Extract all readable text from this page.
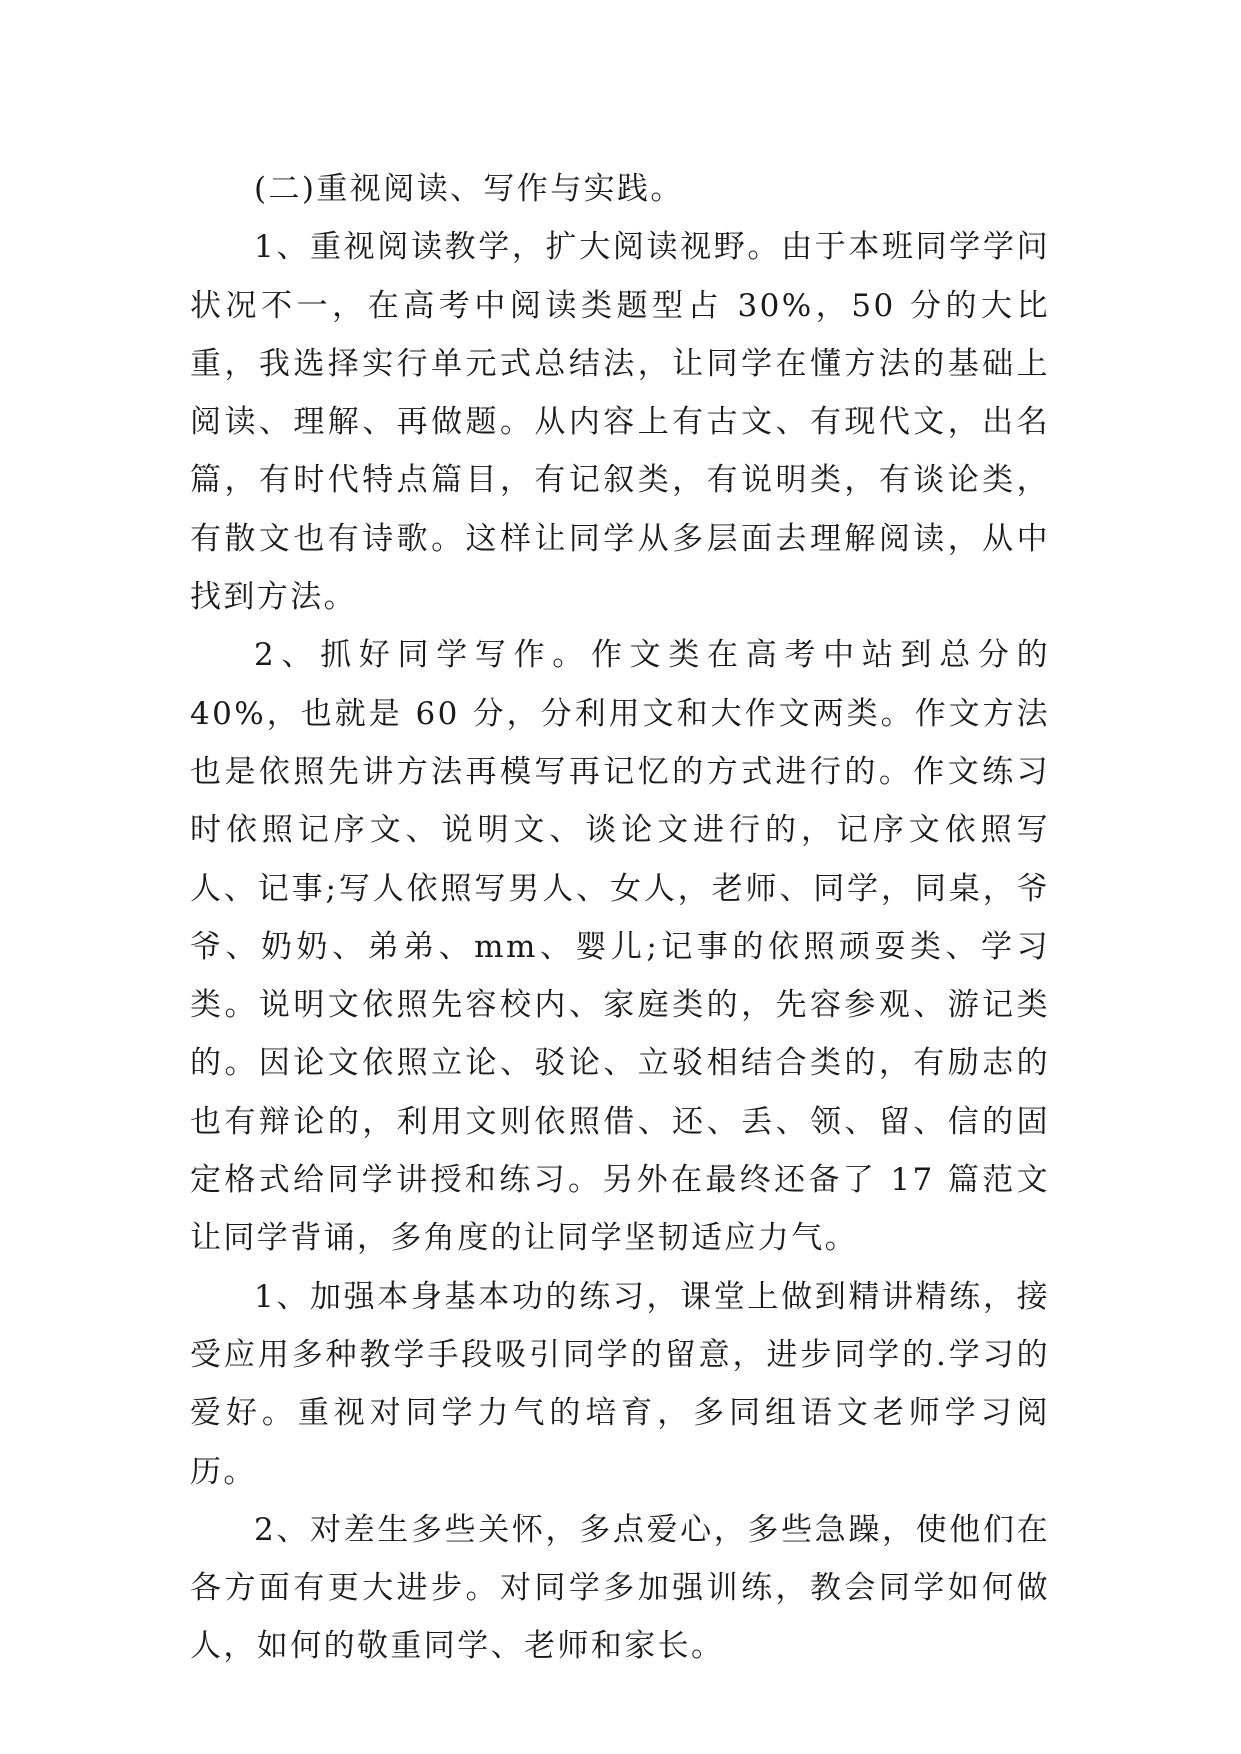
(二)重视阅读、写作与实践。

1、重视阅读教学，扩大阅读视野。由于本班同学学问状况不一，在高考中阅读类题型占 30%，50 分的大比重，我选择实行单元式总结法，让同学在懂方法的基础上阅读、理解、再做题。从内容上有古文、有现代文，出名篇，有时代特点篇目，有记叙类，有说明类，有谈论类，有散文也有诗歌。这样让同学从多层面去理解阅读，从中找到方法。

2、抓好同学写作。作文类在高考中站到总分的 40%，也就是 60 分，分利用文和大作文两类。作文方法也是依照先讲方法再模写再记忆的方式进行的。作文练习时依照记序文、说明文、谈论文进行的，记序文依照写人、记事;写人依照写男人、女人，老师、同学，同桌，爷爷、奶奶、弟弟、mm、婴儿;记事的依照顽耍类、学习类。说明文依照先容校内、家庭类的，先容参观、游记类的。因论文依照立论、驳论、立驳相结合类的，有励志的也有辩论的，利用文则依照借、还、丢、领、留、信的固定格式给同学讲授和练习。另外在最终还备了 17 篇范文让同学背诵，多角度的让同学坚韧适应力气。

1、加强本身基本功的练习，课堂上做到精讲精练，接受应用多种教学手段吸引同学的留意，进步同学的.学习的爱好。重视对同学力气的培育，多同组语文老师学习阅历。

2、对差生多些关怀，多点爱心，多些急躁，使他们在各方面有更大进步。对同学多加强训练，教会同学如何做人，如何的敬重同学、老师和家长。
